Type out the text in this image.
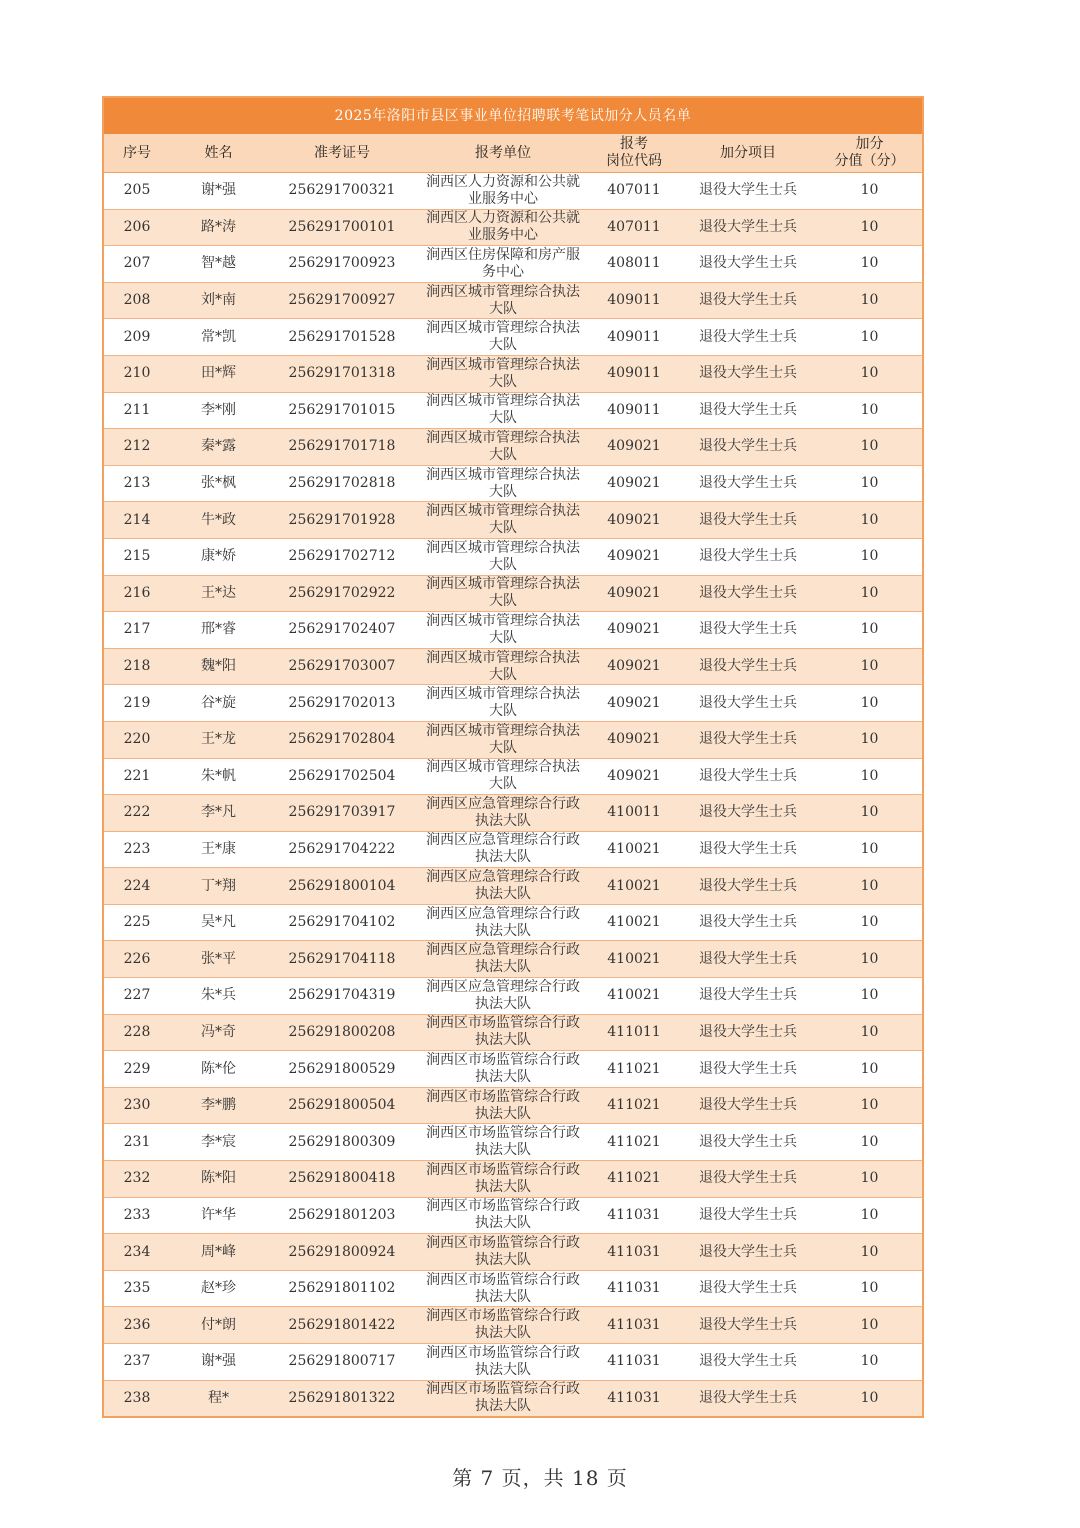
2025年洛阳市县区事业单位招聘联考笔试加分人员名单						
序号	姓名	准考证号	报考单位	报考
岗位代码	加分项目	加分
分值（分）

205	谢*强	256291700321	涧西区人力资源和公共就
业服务中心	407011	退役大学生士兵	10
206	路*涛	256291700101	涧西区人力资源和公共就
业服务中心	407011	退役大学生士兵	10
207	智*越	256291700923	涧西区住房保障和房产服
务中心	408011	退役大学生士兵	10
208	刘*南	256291700927	涧西区城市管理综合执法
大队	409011	退役大学生士兵	10
209	常*凯	256291701528	涧西区城市管理综合执法
大队	409011	退役大学生士兵	10
210	田*辉	256291701318	涧西区城市管理综合执法
大队	409011	退役大学生士兵	10
211	李*刚	256291701015	涧西区城市管理综合执法
大队	409011	退役大学生士兵	10
212	秦*露	256291701718	涧西区城市管理综合执法
大队	409021	退役大学生士兵	10
213	张*枫	256291702818	涧西区城市管理综合执法
大队	409021	退役大学生士兵	10
214	牛*政	256291701928	涧西区城市管理综合执法
大队	409021	退役大学生士兵	10
215	康*娇	256291702712	涧西区城市管理综合执法
大队	409021	退役大学生士兵	10
216	王*达	256291702922	涧西区城市管理综合执法
大队	409021	退役大学生士兵	10
217	邢*睿	256291702407	涧西区城市管理综合执法
大队	409021	退役大学生士兵	10
218	魏*阳	256291703007	涧西区城市管理综合执法
大队	409021	退役大学生士兵	10
219	谷*旋	256291702013	涧西区城市管理综合执法
大队	409021	退役大学生士兵	10
220	王*龙	256291702804	涧西区城市管理综合执法
大队	409021	退役大学生士兵	10
221	朱*帆	256291702504	涧西区城市管理综合执法
大队	409021	退役大学生士兵	10
222	李*凡	256291703917	涧西区应急管理综合行政
执法大队	410011	退役大学生士兵	10
223	王*康	256291704222	涧西区应急管理综合行政
执法大队	410021	退役大学生士兵	10
224	丁*翔	256291800104	涧西区应急管理综合行政
执法大队	410021	退役大学生士兵	10
225	吴*凡	256291704102	涧西区应急管理综合行政
执法大队	410021	退役大学生士兵	10
226	张*平	256291704118	涧西区应急管理综合行政
执法大队	410021	退役大学生士兵	10
227	朱*兵	256291704319	涧西区应急管理综合行政
执法大队	410021	退役大学生士兵	10
228	冯*奇	256291800208	涧西区市场监管综合行政
执法大队	411011	退役大学生士兵	10
229	陈*伦	256291800529	涧西区市场监管综合行政
执法大队	411021	退役大学生士兵	10
230	李*鹏	256291800504	涧西区市场监管综合行政
执法大队	411021	退役大学生士兵	10
231	李*宸	256291800309	涧西区市场监管综合行政
执法大队	411021	退役大学生士兵	10
232	陈*阳	256291800418	涧西区市场监管综合行政
执法大队	411021	退役大学生士兵	10
233	许*华	256291801203	涧西区市场监管综合行政
执法大队	411031	退役大学生士兵	10
234	周*峰	256291800924	涧西区市场监管综合行政
执法大队	411031	退役大学生士兵	10
235	赵*珍	256291801102	涧西区市场监管综合行政
执法大队	411031	退役大学生士兵	10
236	付*朗	256291801422	涧西区市场监管综合行政
执法大队	411031	退役大学生士兵	10
237	谢*强	256291800717	涧西区市场监管综合行政
执法大队	411031	退役大学生士兵	10
238	程*	256291801322	涧西区市场监管综合行政
执法大队	411031	退役大学生士兵	10
第 7 页，共 18 页
